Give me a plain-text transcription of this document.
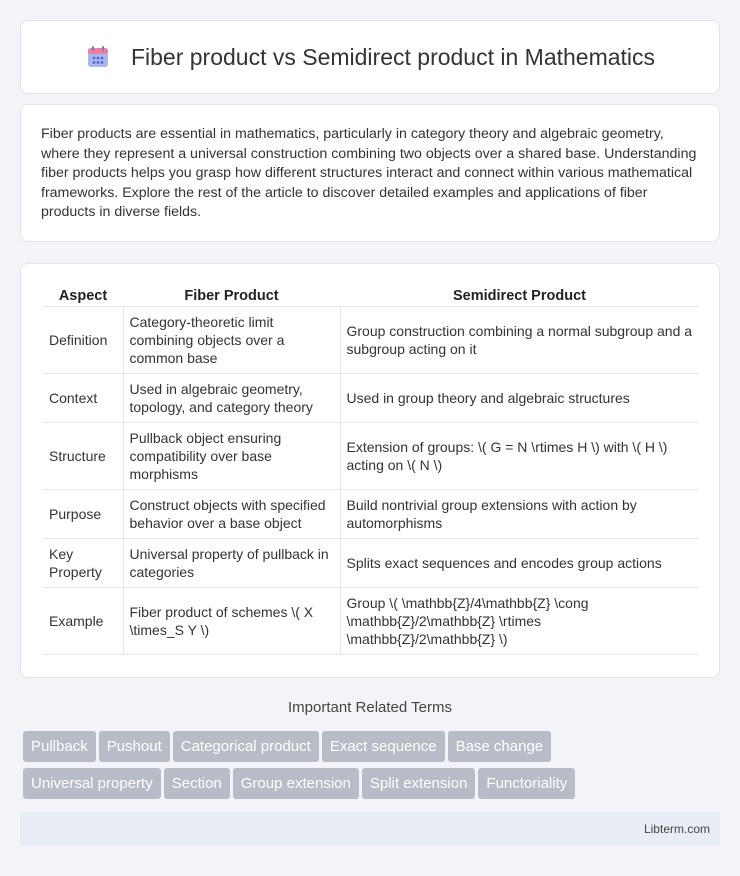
Fiber product vs Semidirect product in Mathematics

Fiber products are essential in mathematics, particularly in category theory and algebraic geometry, where they represent a universal construction combining two objects over a shared base. Understanding fiber products helps you grasp how different structures interact and connect within various mathematical frameworks. Explore the rest of the article to discover detailed examples and applications of fiber products in diverse fields.

Aspect	Fiber Product	Semidirect Product
Definition	Category-theoretic limit combining objects over a common base	Group construction combining a normal subgroup and a subgroup acting on it
Context	Used in algebraic geometry, topology, and category theory	Used in group theory and algebraic structures
Structure	Pullback object ensuring compatibility over base morphisms	Extension of groups: \( G = N \rtimes H \) with \( H \) acting on \( N \)
Purpose	Construct objects with specified behavior over a base object	Build nontrivial group extensions with action by automorphisms
Key Property	Universal property of pullback in categories	Splits exact sequences and encodes group actions
Example	Fiber product of schemes \( X \times_S Y \)	Group \( \mathbb{Z}/4\mathbb{Z} \cong \mathbb{Z}/2\mathbb{Z} \rtimes \mathbb{Z}/2\mathbb{Z} \)
Important Related Terms
Pullback Pushout Categorical product Exact sequence Base change
Universal property Section Group extension Split extension Functoriality
Libterm.com
